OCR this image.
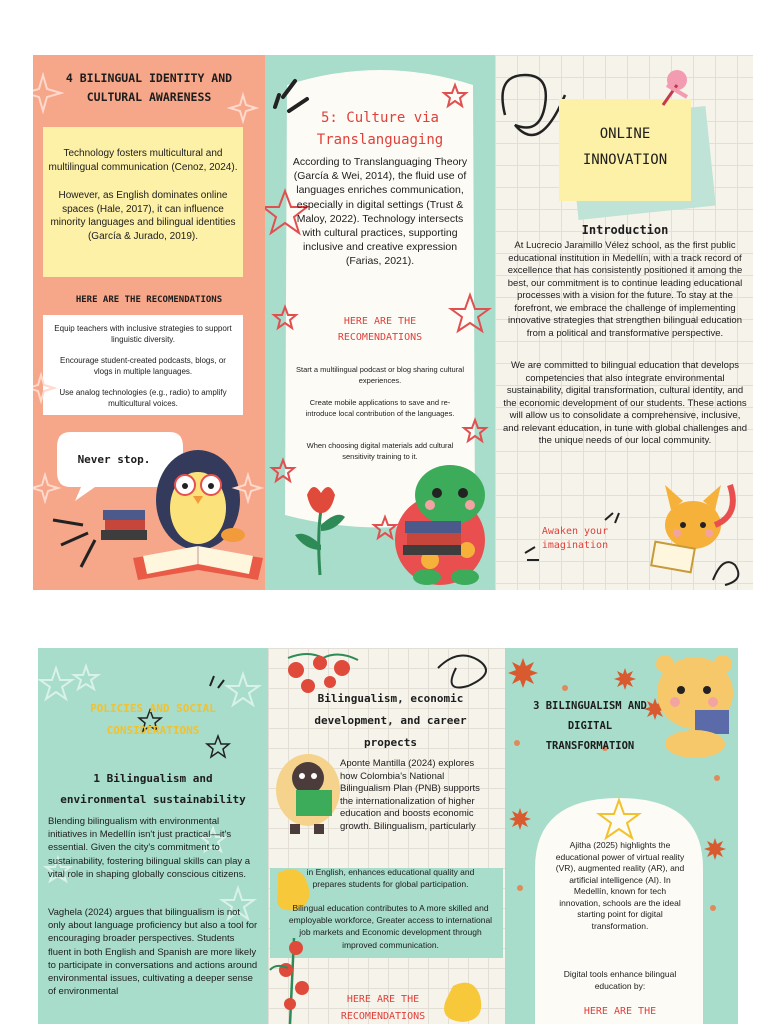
4 BILINGUAL IDENTITY AND CULTURAL AWARENESS
Technology fosters multicultural and multilingual communication (Cenoz, 2024).
However, as English dominates online spaces (Hale, 2017), it can influence minority languages and bilingual identities (García & Jurado, 2019).
HERE ARE THE RECOMENDATIONS
Equip teachers with inclusive strategies to support linguistic diversity.
Encourage student-created podcasts, blogs, or vlogs in multiple languages.
Use analog technologies (e.g., radio) to amplify multicultural voices.
Never stop.
5: Culture via Translanguaging
According to Translanguaging Theory (García & Wei, 2014), the fluid use of languages enriches communication, especially in digital settings (Trust & Maloy, 2022). Technology intersects with cultural practices, supporting inclusive and creative expression (Farias, 2021).
HERE ARE THE RECOMENDATIONS
Start a multilingual podcast or blog sharing cultural experiences.
Create mobile applications to save and re-introduce local contribution of the languages.
When choosing digital materials add cultural sensitivity training to it.
ONLINE INNOVATION
Introduction
At Lucrecio Jaramillo Vélez school, as the first public educational institution in Medellín, with a track record of excellence that has consistently positioned it among the best, our commitment is to continue leading educational processes with a vision for the future. To stay at the forefront, we embrace the challenge of implementing innovative strategies that strengthen bilingual education from a political and transformative perspective.
We are committed to bilingual education that develops competencies that also integrate environmental sustainability, digital transformation, cultural identity, and the economic development of our students. These actions will allow us to consolidate a comprehensive, inclusive, and relevant education, in tune with global challenges and the unique needs of our local community.
Awaken your imagination
POLICIES AND SOCIAL CONSIDERATIONS
1 Bilingualism and environmental sustainability
Blending bilingualism with environmental initiatives in Medellín isn't just practical—it's essential. Given the city's commitment to sustainability, fostering bilingual skills can play a vital role in shaping globally conscious citizens.
Vaghela (2024) argues that bilingualism is not only about language proficiency but also a tool for encouraging broader perspectives. Students fluent in both English and Spanish are more likely to participate in conversations and actions around environmental issues, cultivating a deeper sense of environmental
Bilingualism, economic development, and career propects
Aponte Mantilla (2024) explores how Colombia's National Bilingualism Plan (PNB) supports the internationalization of higher education and boosts economic growth. Bilingualism, particularly
in English, enhances educational quality and prepares students for global participation.
Bilingual education contributes to A more skilled and employable workforce, Greater access to international job markets and Economic development through improved communication.
HERE ARE THE RECOMENDATIONS
3 BILINGUALISM AND DIGITAL TRANSFORMATION
Ajitha (2025) highlights the educational power of virtual reality (VR), augmented reality (AR), and artificial intelligence (AI). In Medellín, known for tech innovation, schools are the ideal starting point for digital transformation.
Digital tools enhance bilingual education by:
HERE ARE THE
